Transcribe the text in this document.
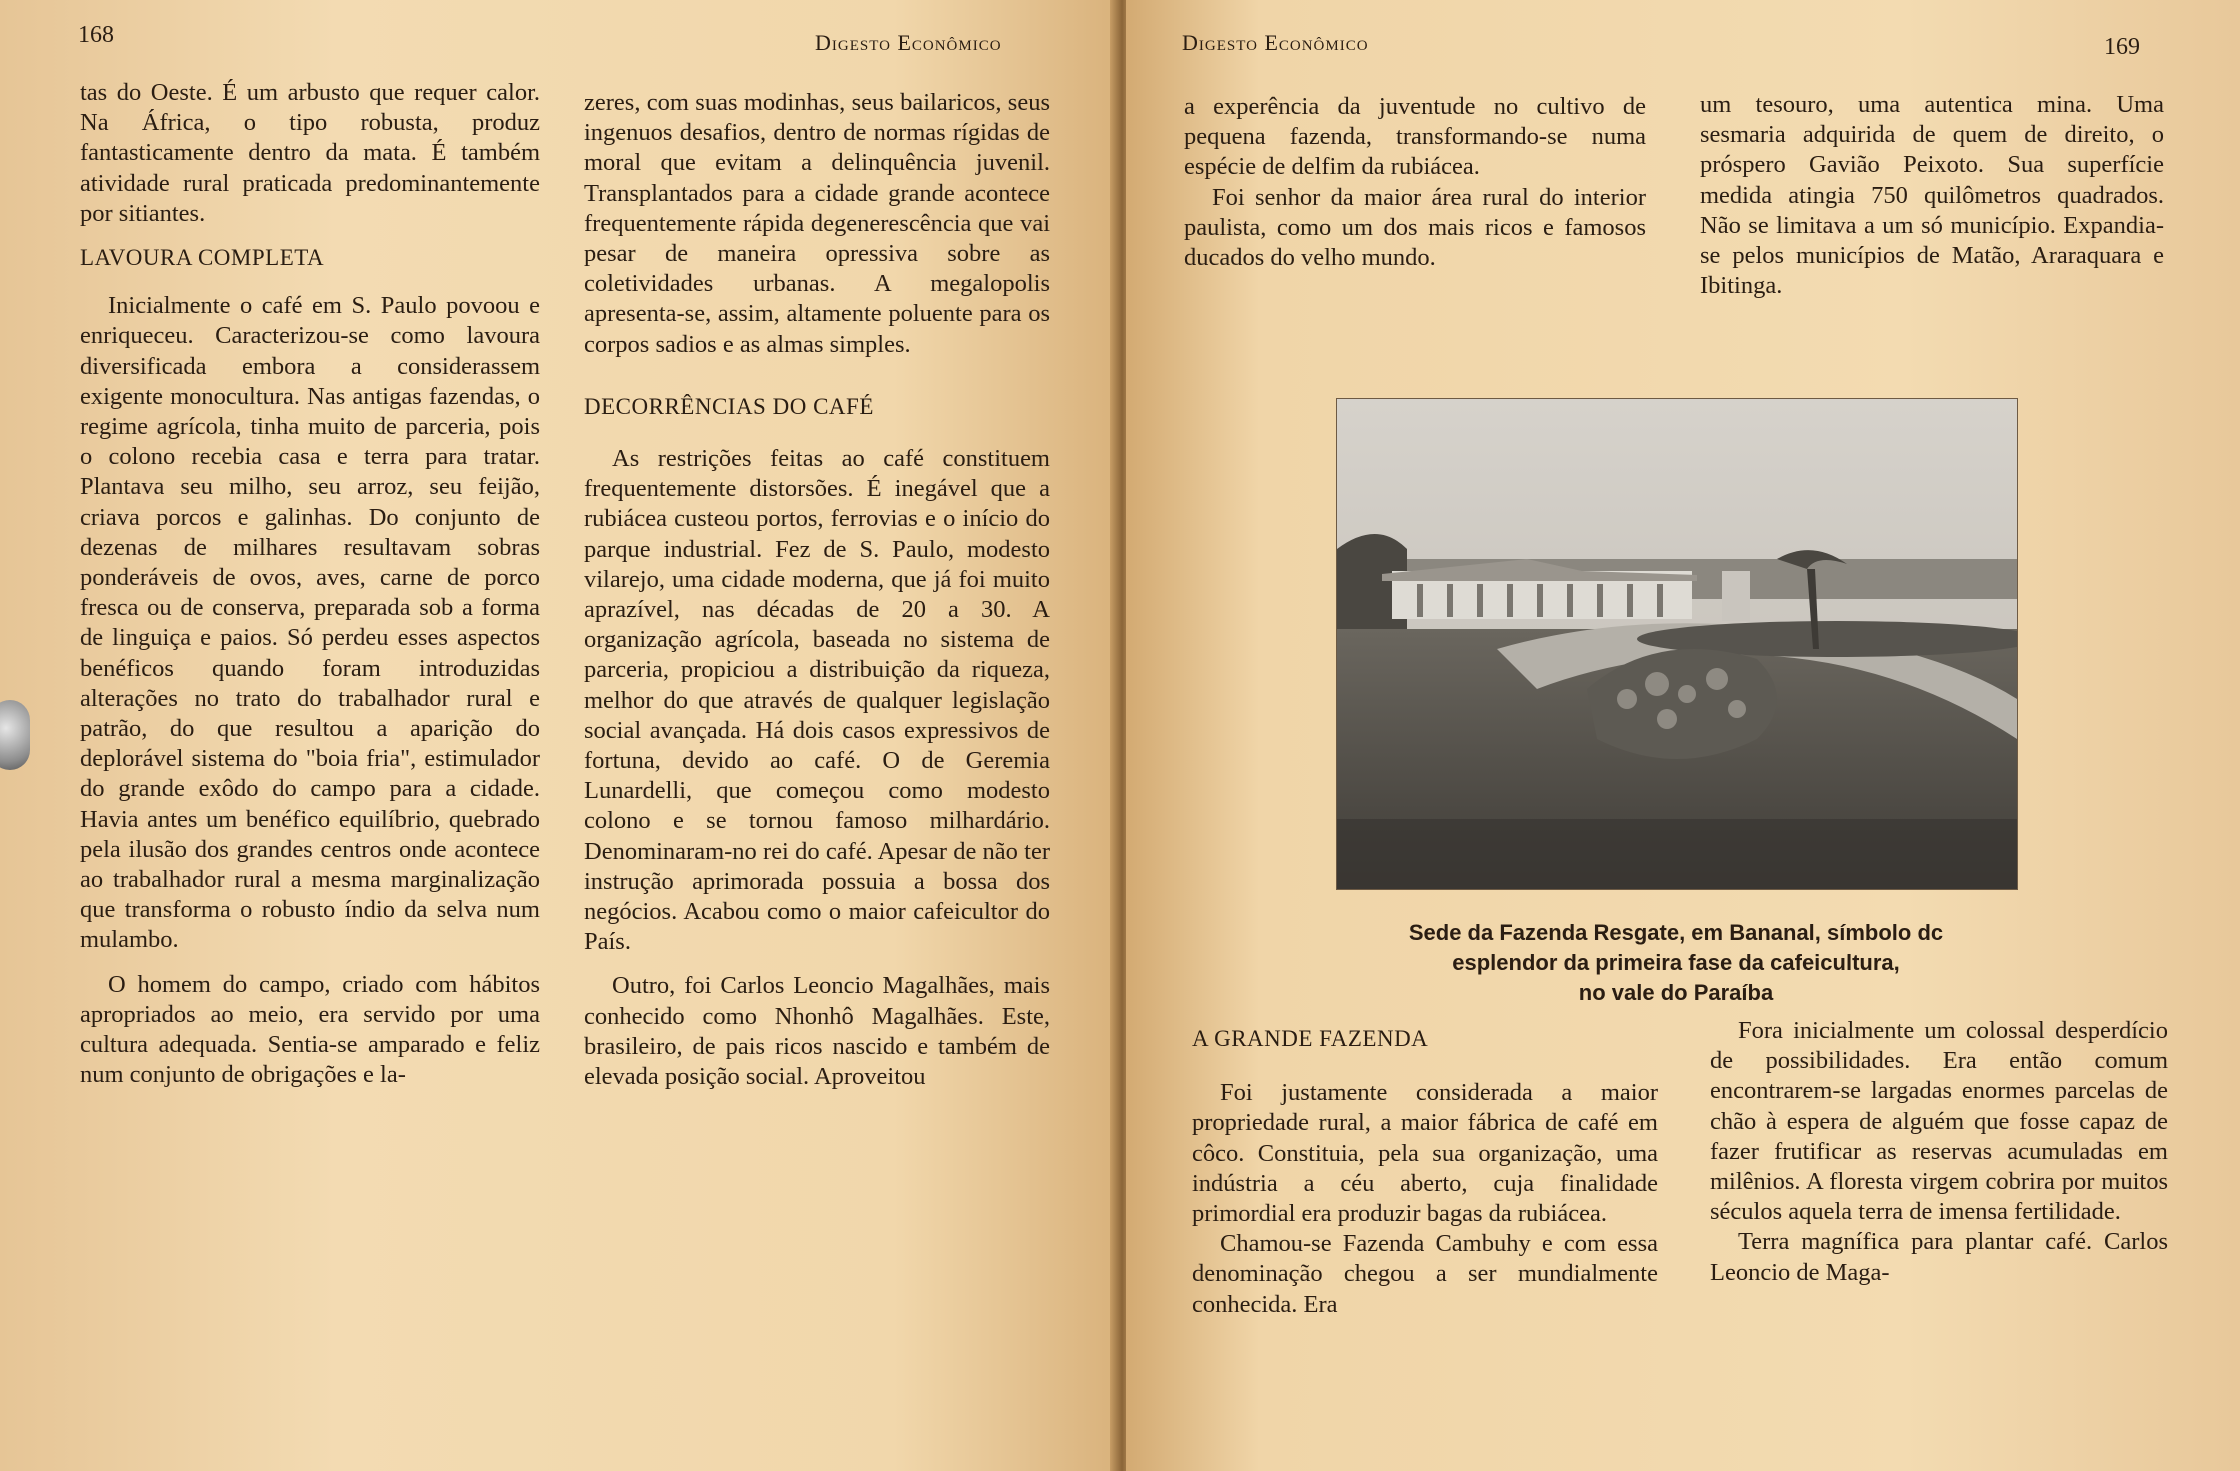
168	Digesto Econômico

tas do Oeste. É um arbusto que requer calor. Na África, o tipo robusta, produz fantasticamente dentro da mata. É também atividade rural praticada predominantemente por sitiantes.

LAVOURA COMPLETA

Inicialmente o café em S. Paulo povoou e enriqueceu. Caracterizou-se como lavoura diversificada embora a considerassem exigente monocultura. Nas antigas fazendas, o regime agrícola, tinha muito de parceria, pois o colono recebia casa e terra para tratar. Plantava seu milho, seu arroz, seu feijão, criava porcos e galinhas. Do conjunto de dezenas de milhares resultavam sobras ponderáveis de ovos, aves, carne de porco fresca ou de conserva, preparada sob a forma de linguiça e paios. Só perdeu esses aspectos benéficos quando foram introduzidas alterações no trato do trabalhador rural e patrão, do que resultou a aparição do deplorável sistema do "boia fria", estimulador do grande exôdo do campo para a cidade. Havia antes um benéfico equilíbrio, quebrado pela ilusão dos grandes centros onde acontece ao trabalhador rural a mesma marginalização que transforma o robusto índio da selva num mulambo.

O homem do campo, criado com hábitos apropriados ao meio, era servido por uma cultura adequada. Sentia-se amparado e feliz num conjunto de obrigações e la-

zeres, com suas modinhas, seus bailaricos, seus ingenuos desafios, dentro de normas rígidas de moral que evitam a delinquência juvenil. Transplantados para a cidade grande acontece frequentemente rápida degenerescência que vai pesar de maneira opressiva sobre as coletividades urbanas. A megalopolis apresenta-se, assim, altamente poluente para os corpos sadios e as almas simples.

DECORRÊNCIAS DO CAFÉ

As restrições feitas ao café constituem frequentemente distorsões. É inegável que a rubiácea custeou portos, ferrovias e o início do parque industrial. Fez de S. Paulo, modesto vilarejo, uma cidade moderna, que já foi muito aprazível, nas décadas de 20 a 30. A organização agrícola, baseada no sistema de parceria, propiciou a distribuição da riqueza, melhor do que através de qualquer legislação social avançada. Há dois casos expressivos de fortuna, devido ao café. O de Geremia Lunardelli, que começou como modesto colono e se tornou famoso milhardário. Denominaram-no rei do café. Apesar de não ter instrução aprimorada possuia a bossa dos negócios. Acabou como o maior cafeicultor do País.

Outro, foi Carlos Leoncio Magalhães, mais conhecido como Nhonhô Magalhães. Este, brasileiro, de pais ricos nascido e também de elevada posição social. Aproveitou

Digesto Econômico	169

a experência da juventude no cultivo de pequena fazenda, transformando-se numa espécie de delfim da rubiácea.

Foi senhor da maior área rural do interior paulista, como um dos mais ricos e famosos ducados do velho mundo.

um tesouro, uma autentica mina. Uma sesmaria adquirida de quem de direito, o próspero Gavião Peixoto. Sua superfície medida atingia 750 quilômetros quadrados. Não se limitava a um só município. Expandia-se pelos municípios de Matão, Araraquara e Ibitinga.

Sede da Fazenda Resgate, em Bananal, símbolo dc
esplendor da primeira fase da cafeicultura,
no vale do Paraíba
A GRANDE FAZENDA

Foi justamente considerada a maior propriedade rural, a maior fábrica de café em côco. Constituia, pela sua organização, uma indústria a céu aberto, cuja finalidade primordial era produzir bagas da rubiácea.

Chamou-se Fazenda Cambuhy e com essa denominação chegou a ser mundialmente conhecida. Era

Fora inicialmente um colossal desperdício de possibilidades. Era então comum encontrarem-se largadas enormes parcelas de chão à espera de alguém que fosse capaz de fazer frutificar as reservas acumuladas em milênios. A floresta virgem cobrira por muitos séculos aquela terra de imensa fertilidade.

Terra magnífica para plantar café. Carlos Leoncio de Maga-
